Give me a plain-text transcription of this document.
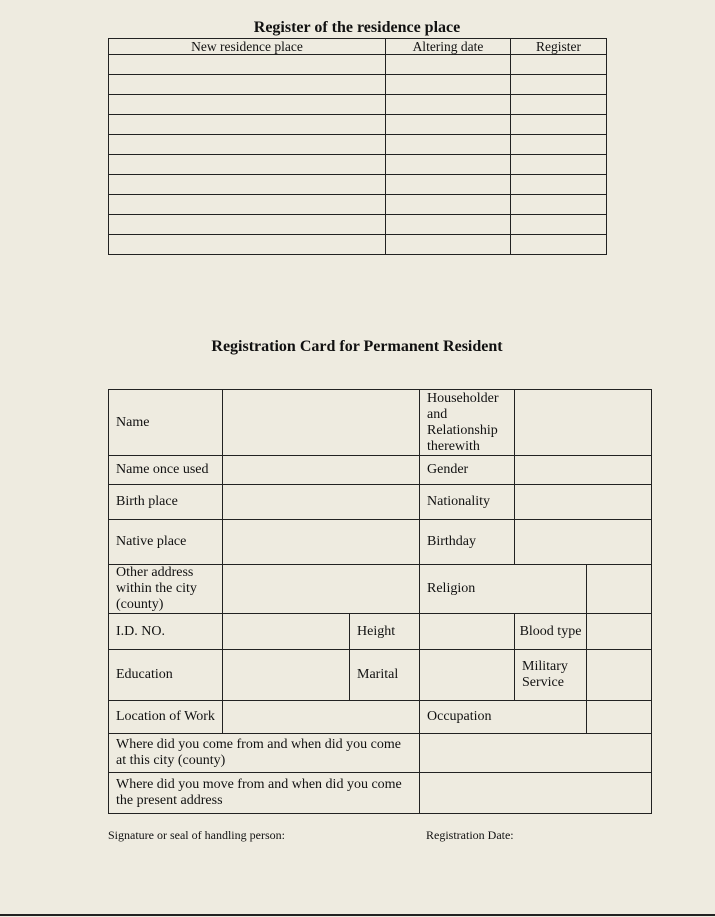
Register of the residence place
New residence place	Altering date	Register

Registration Card for Permanent Resident
Name			Householder and Relationship therewith		
Name once used			Gender		
Birth place			Nationality		
Native place			Birthday		
Other address within the city (county)			Religion		
I.D. NO.		Height		Blood type	
Education		Marital		Military Service	
Location of Work			Occupation		
Where did you come from and when did you come at this city (county)					
Where did you move from and when did you come the present address					
Signature or seal of handling person:	Registration Date:
